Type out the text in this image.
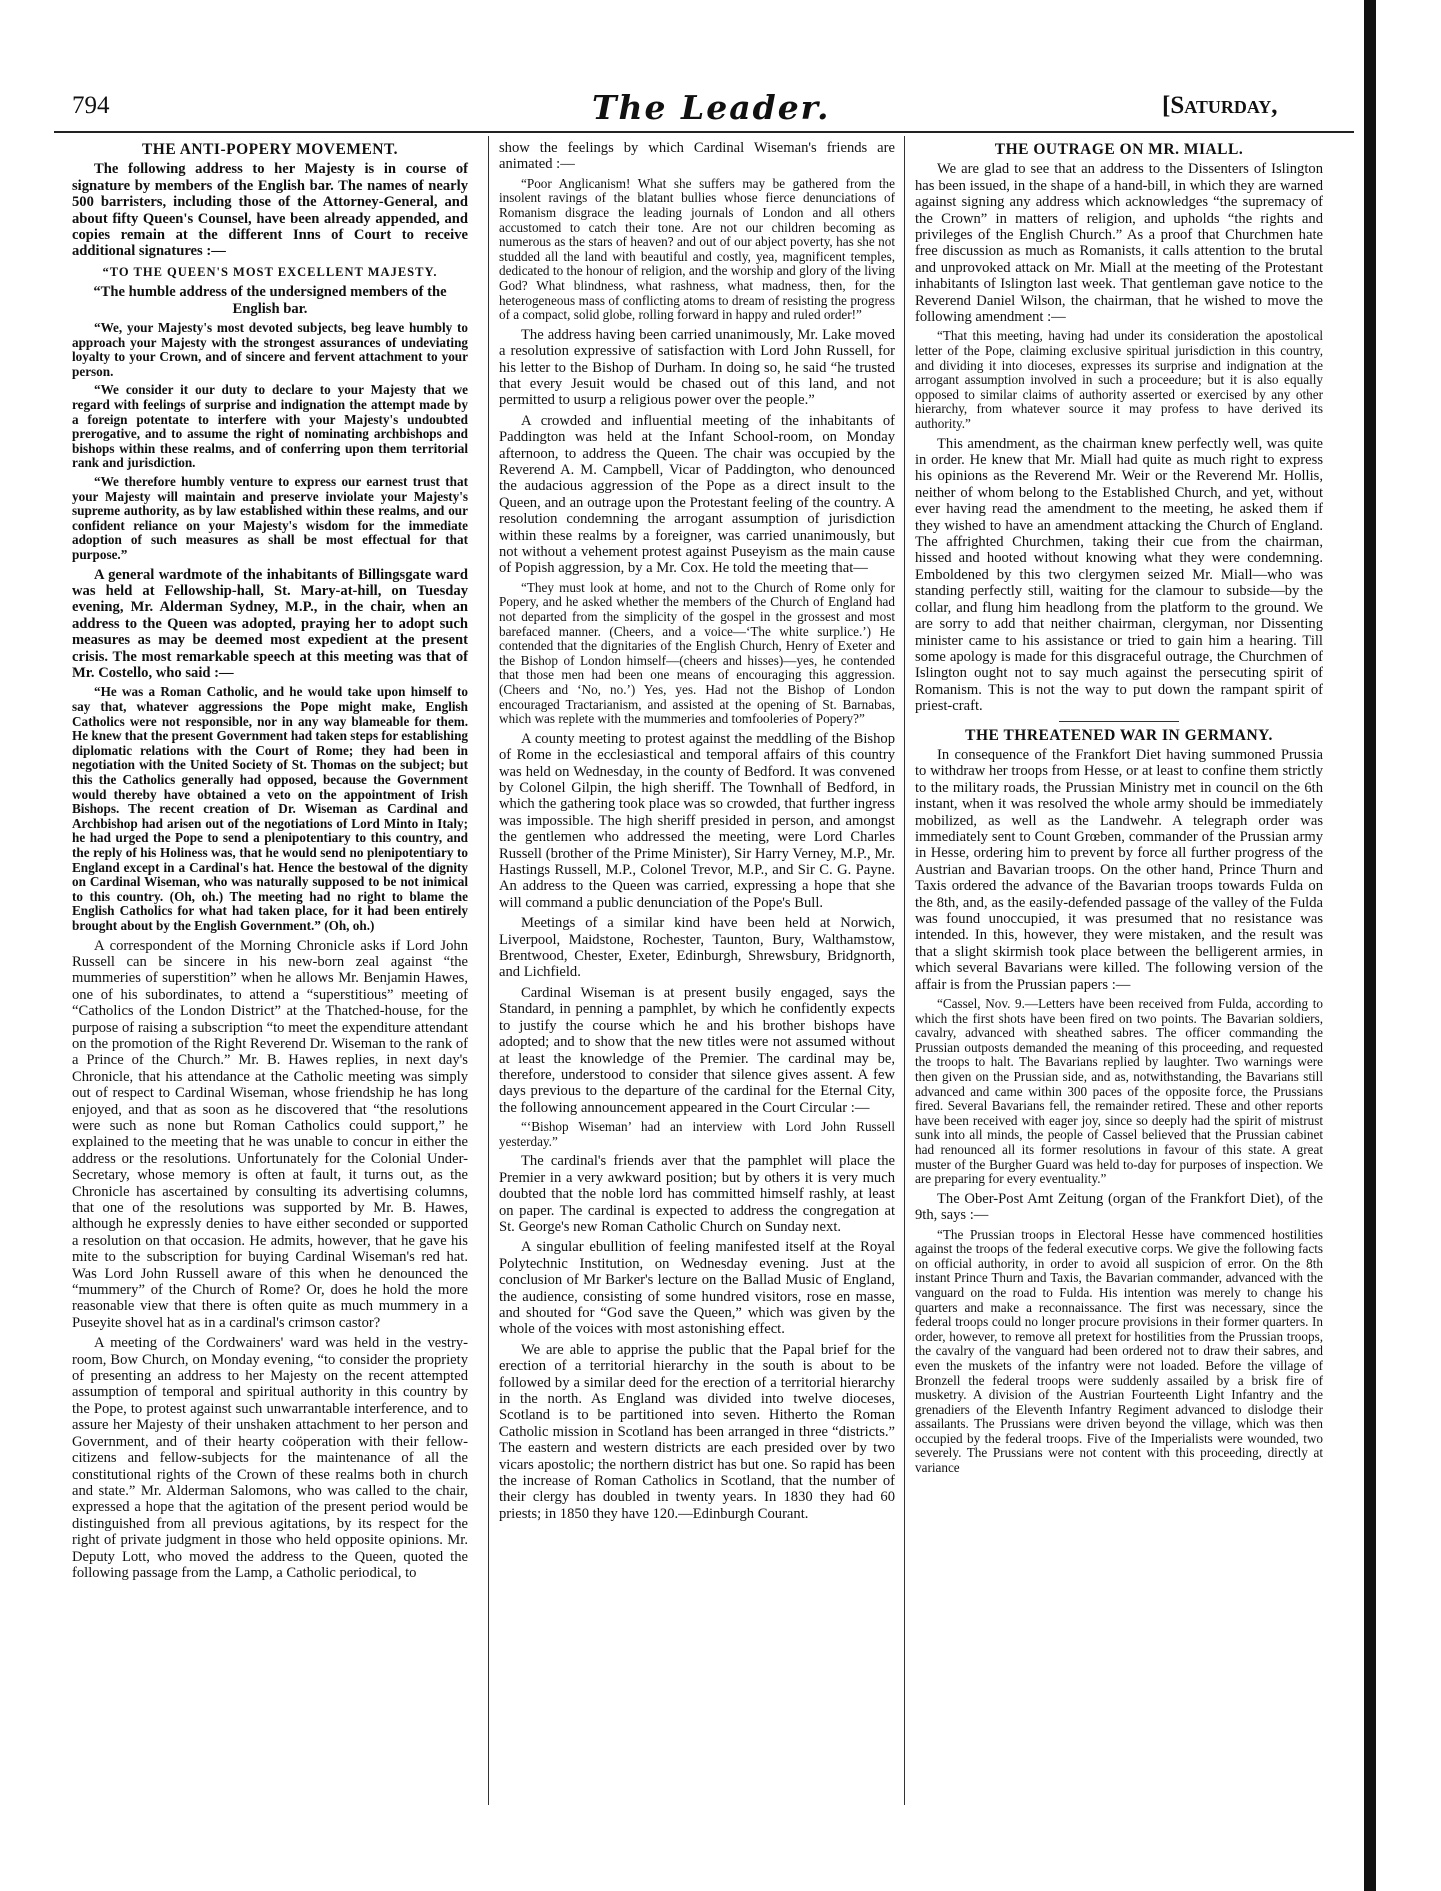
794	The Leader.	[Saturday,
THE ANTI-POPERY MOVEMENT.

The following address to her Majesty is in course of signature by members of the English bar. The names of nearly 500 barristers, including those of the Attorney-General, and about fifty Queen's Counsel, have been already appended, and copies remain at the different Inns of Court to receive additional signatures :—

“TO THE QUEEN'S MOST EXCELLENT MAJESTY.

“The humble address of the undersigned members of the English bar.

“We, your Majesty's most devoted subjects, beg leave humbly to approach your Majesty with the strongest assurances of undeviating loyalty to your Crown, and of sincere and fervent attachment to your person.

“We consider it our duty to declare to your Majesty that we regard with feelings of surprise and indignation the attempt made by a foreign potentate to interfere with your Majesty's undoubted prerogative, and to assume the right of nominating archbishops and bishops within these realms, and of conferring upon them territorial rank and jurisdiction.

“We therefore humbly venture to express our earnest trust that your Majesty will maintain and preserve inviolate your Majesty's supreme authority, as by law established within these realms, and our confident reliance on your Majesty's wisdom for the immediate adoption of such measures as shall be most effectual for that purpose.”

A general wardmote of the inhabitants of Billingsgate ward was held at Fellowship-hall, St. Mary-at-hill, on Tuesday evening, Mr. Alderman Sydney, M.P., in the chair, when an address to the Queen was adopted, praying her to adopt such measures as may be deemed most expedient at the present crisis. The most remarkable speech at this meeting was that of Mr. Costello, who said :—

“He was a Roman Catholic, and he would take upon himself to say that, whatever aggressions the Pope might make, English Catholics were not responsible, nor in any way blameable for them. He knew that the present Government had taken steps for establishing diplomatic relations with the Court of Rome; they had been in negotiation with the United Society of St. Thomas on the subject; but this the Catholics generally had opposed, because the Government would thereby have obtained a veto on the appointment of Irish Bishops. The recent creation of Dr. Wiseman as Cardinal and Archbishop had arisen out of the negotiations of Lord Minto in Italy; he had urged the Pope to send a plenipotentiary to this country, and the reply of his Holiness was, that he would send no plenipotentiary to England except in a Cardinal's hat. Hence the bestowal of the dignity on Cardinal Wiseman, who was naturally supposed to be not inimical to this country. (Oh, oh.) The meeting had no right to blame the English Catholics for what had taken place, for it had been entirely brought about by the English Government.” (Oh, oh.)

A correspondent of the Morning Chronicle asks if Lord John Russell can be sincere in his new-born zeal against “the mummeries of superstition” when he allows Mr. Benjamin Hawes, one of his subordinates, to attend a “superstitious” meeting of “Catholics of the London District” at the Thatched-house, for the purpose of raising a subscription “to meet the expenditure attendant on the promotion of the Right Reverend Dr. Wiseman to the rank of a Prince of the Church.” Mr. B. Hawes replies, in next day's Chronicle, that his attendance at the Catholic meeting was simply out of respect to Cardinal Wiseman, whose friendship he has long enjoyed, and that as soon as he discovered that “the resolutions were such as none but Roman Catholics could support,” he explained to the meeting that he was unable to concur in either the address or the resolutions. Unfortunately for the Colonial Under-Secretary, whose memory is often at fault, it turns out, as the Chronicle has ascertained by consulting its advertising columns, that one of the resolutions was supported by Mr. B. Hawes, although he expressly denies to have either seconded or supported a resolution on that occasion. He admits, however, that he gave his mite to the subscription for buying Cardinal Wiseman's red hat. Was Lord John Russell aware of this when he denounced the “mummery” of the Church of Rome? Or, does he hold the more reasonable view that there is often quite as much mummery in a Puseyite shovel hat as in a cardinal's crimson castor?

A meeting of the Cordwainers' ward was held in the vestry-room, Bow Church, on Monday evening, “to consider the propriety of presenting an address to her Majesty on the recent attempted assumption of temporal and spiritual authority in this country by the Pope, to protest against such unwarrantable interference, and to assure her Majesty of their unshaken attachment to her person and Government, and of their hearty coöperation with their fellow-citizens and fellow-subjects for the maintenance of all the constitutional rights of the Crown of these realms both in church and state.” Mr. Alderman Salomons, who was called to the chair, expressed a hope that the agitation of the present period would be distinguished from all previous agitations, by its respect for the right of private judgment in those who held opposite opinions. Mr. Deputy Lott, who moved the address to the Queen, quoted the following passage from the Lamp, a Catholic periodical, to

show the feelings by which Cardinal Wiseman's friends are animated :—

“Poor Anglicanism! What she suffers may be gathered from the insolent ravings of the blatant bullies whose fierce denunciations of Romanism disgrace the leading journals of London and all others accustomed to catch their tone. Are not our children becoming as numerous as the stars of heaven? and out of our abject poverty, has she not studded all the land with beautiful and costly, yea, magnificent temples, dedicated to the honour of religion, and the worship and glory of the living God? What blindness, what rashness, what madness, then, for the heterogeneous mass of conflicting atoms to dream of resisting the progress of a compact, solid globe, rolling forward in happy and ruled order!”

The address having been carried unanimously, Mr. Lake moved a resolution expressive of satisfaction with Lord John Russell, for his letter to the Bishop of Durham. In doing so, he said “he trusted that every Jesuit would be chased out of this land, and not permitted to usurp a religious power over the people.”

A crowded and influential meeting of the inhabitants of Paddington was held at the Infant School-room, on Monday afternoon, to address the Queen. The chair was occupied by the Reverend A. M. Campbell, Vicar of Paddington, who denounced the audacious aggression of the Pope as a direct insult to the Queen, and an outrage upon the Protestant feeling of the country. A resolution condemning the arrogant assumption of jurisdiction within these realms by a foreigner, was carried unanimously, but not without a vehement protest against Puseyism as the main cause of Popish aggression, by a Mr. Cox. He told the meeting that—

“They must look at home, and not to the Church of Rome only for Popery, and he asked whether the members of the Church of England had not departed from the simplicity of the gospel in the grossest and most barefaced manner. (Cheers, and a voice—‘The white surplice.’) He contended that the dignitaries of the English Church, Henry of Exeter and the Bishop of London himself—(cheers and hisses)—yes, he contended that those men had been one means of encouraging this aggression. (Cheers and ‘No, no.’) Yes, yes. Had not the Bishop of London encouraged Tractarianism, and assisted at the opening of St. Barnabas, which was replete with the mummeries and tomfooleries of Popery?”

A county meeting to protest against the meddling of the Bishop of Rome in the ecclesiastical and temporal affairs of this country was held on Wednesday, in the county of Bedford. It was convened by Colonel Gilpin, the high sheriff. The Townhall of Bedford, in which the gathering took place was so crowded, that further ingress was impossible. The high sheriff presided in person, and amongst the gentlemen who addressed the meeting, were Lord Charles Russell (brother of the Prime Minister), Sir Harry Verney, M.P., Mr. Hastings Russell, M.P., Colonel Trevor, M.P., and Sir C. G. Payne. An address to the Queen was carried, expressing a hope that she will command a public denunciation of the Pope's Bull.

Meetings of a similar kind have been held at Norwich, Liverpool, Maidstone, Rochester, Taunton, Bury, Walthamstow, Brentwood, Chester, Exeter, Edinburgh, Shrewsbury, Bridgnorth, and Lichfield.

Cardinal Wiseman is at present busily engaged, says the Standard, in penning a pamphlet, by which he confidently expects to justify the course which he and his brother bishops have adopted; and to show that the new titles were not assumed without at least the knowledge of the Premier. The cardinal may be, therefore, understood to consider that silence gives assent. A few days previous to the departure of the cardinal for the Eternal City, the following announcement appeared in the Court Circular :—

“‘Bishop Wiseman’ had an interview with Lord John Russell yesterday.”

The cardinal's friends aver that the pamphlet will place the Premier in a very awkward position; but by others it is very much doubted that the noble lord has committed himself rashly, at least on paper. The cardinal is expected to address the congregation at St. George's new Roman Catholic Church on Sunday next.

A singular ebullition of feeling manifested itself at the Royal Polytechnic Institution, on Wednesday evening. Just at the conclusion of Mr Barker's lecture on the Ballad Music of England, the audience, consisting of some hundred visitors, rose en masse, and shouted for “God save the Queen,” which was given by the whole of the voices with most astonishing effect.

We are able to apprise the public that the Papal brief for the erection of a territorial hierarchy in the south is about to be followed by a similar deed for the erection of a territorial hierarchy in the north. As England was divided into twelve dioceses, Scotland is to be partitioned into seven. Hitherto the Roman Catholic mission in Scotland has been arranged in three “districts.” The eastern and western districts are each presided over by two vicars apostolic; the northern district has but one. So rapid has been the increase of Roman Catholics in Scotland, that the number of their clergy has doubled in twenty years. In 1830 they had 60 priests; in 1850 they have 120.—Edinburgh Courant.

THE OUTRAGE ON MR. MIALL.

We are glad to see that an address to the Dissenters of Islington has been issued, in the shape of a hand-bill, in which they are warned against signing any address which acknowledges “the supremacy of the Crown” in matters of religion, and upholds “the rights and privileges of the English Church.” As a proof that Churchmen hate free discussion as much as Romanists, it calls attention to the brutal and unprovoked attack on Mr. Miall at the meeting of the Protestant inhabitants of Islington last week. That gentleman gave notice to the Reverend Daniel Wilson, the chairman, that he wished to move the following amendment :—

“That this meeting, having had under its consideration the apostolical letter of the Pope, claiming exclusive spiritual jurisdiction in this country, and dividing it into dioceses, expresses its surprise and indignation at the arrogant assumption involved in such a proceedure; but it is also equally opposed to similar claims of authority asserted or exercised by any other hierarchy, from whatever source it may profess to have derived its authority.”

This amendment, as the chairman knew perfectly well, was quite in order. He knew that Mr. Miall had quite as much right to express his opinions as the Reverend Mr. Weir or the Reverend Mr. Hollis, neither of whom belong to the Established Church, and yet, without ever having read the amendment to the meeting, he asked them if they wished to have an amendment attacking the Church of England. The affrighted Churchmen, taking their cue from the chairman, hissed and hooted without knowing what they were condemning. Emboldened by this two clergymen seized Mr. Miall—who was standing perfectly still, waiting for the clamour to subside—by the collar, and flung him headlong from the platform to the ground. We are sorry to add that neither chairman, clergyman, nor Dissenting minister came to his assistance or tried to gain him a hearing. Till some apology is made for this disgraceful outrage, the Churchmen of Islington ought not to say much against the persecuting spirit of Romanism. This is not the way to put down the rampant spirit of priest-craft.

THE THREATENED WAR IN GERMANY.

In consequence of the Frankfort Diet having summoned Prussia to withdraw her troops from Hesse, or at least to confine them strictly to the military roads, the Prussian Ministry met in council on the 6th instant, when it was resolved the whole army should be immediately mobilized, as well as the Landwehr. A telegraph order was immediately sent to Count Grœben, commander of the Prussian army in Hesse, ordering him to prevent by force all further progress of the Austrian and Bavarian troops. On the other hand, Prince Thurn and Taxis ordered the advance of the Bavarian troops towards Fulda on the 8th, and, as the easily-defended passage of the valley of the Fulda was found unoccupied, it was presumed that no resistance was intended. In this, however, they were mistaken, and the result was that a slight skirmish took place between the belligerent armies, in which several Bavarians were killed. The following version of the affair is from the Prussian papers :—

“Cassel, Nov. 9.—Letters have been received from Fulda, according to which the first shots have been fired on two points. The Bavarian soldiers, cavalry, advanced with sheathed sabres. The officer commanding the Prussian outposts demanded the meaning of this proceeding, and requested the troops to halt. The Bavarians replied by laughter. Two warnings were then given on the Prussian side, and as, notwithstanding, the Bavarians still advanced and came within 300 paces of the opposite force, the Prussians fired. Several Bavarians fell, the remainder retired. These and other reports have been received with eager joy, since so deeply had the spirit of mistrust sunk into all minds, the people of Cassel believed that the Prussian cabinet had renounced all its former resolutions in favour of this state. A great muster of the Burgher Guard was held to-day for purposes of inspection. We are preparing for every eventuality.”

The Ober-Post Amt Zeitung (organ of the Frankfort Diet), of the 9th, says :—

“The Prussian troops in Electoral Hesse have commenced hostilities against the troops of the federal executive corps. We give the following facts on official authority, in order to avoid all suspicion of error. On the 8th instant Prince Thurn and Taxis, the Bavarian commander, advanced with the vanguard on the road to Fulda. His intention was merely to change his quarters and make a reconnaissance. The first was necessary, since the federal troops could no longer procure provisions in their former quarters. In order, however, to remove all pretext for hostilities from the Prussian troops, the cavalry of the vanguard had been ordered not to draw their sabres, and even the muskets of the infantry were not loaded. Before the village of Bronzell the federal troops were suddenly assailed by a brisk fire of musketry. A division of the Austrian Fourteenth Light Infantry and the grenadiers of the Eleventh Infantry Regiment advanced to dislodge their assailants. The Prussians were driven beyond the village, which was then occupied by the federal troops. Five of the Imperialists were wounded, two severely. The Prussians were not content with this proceeding, directly at variance
